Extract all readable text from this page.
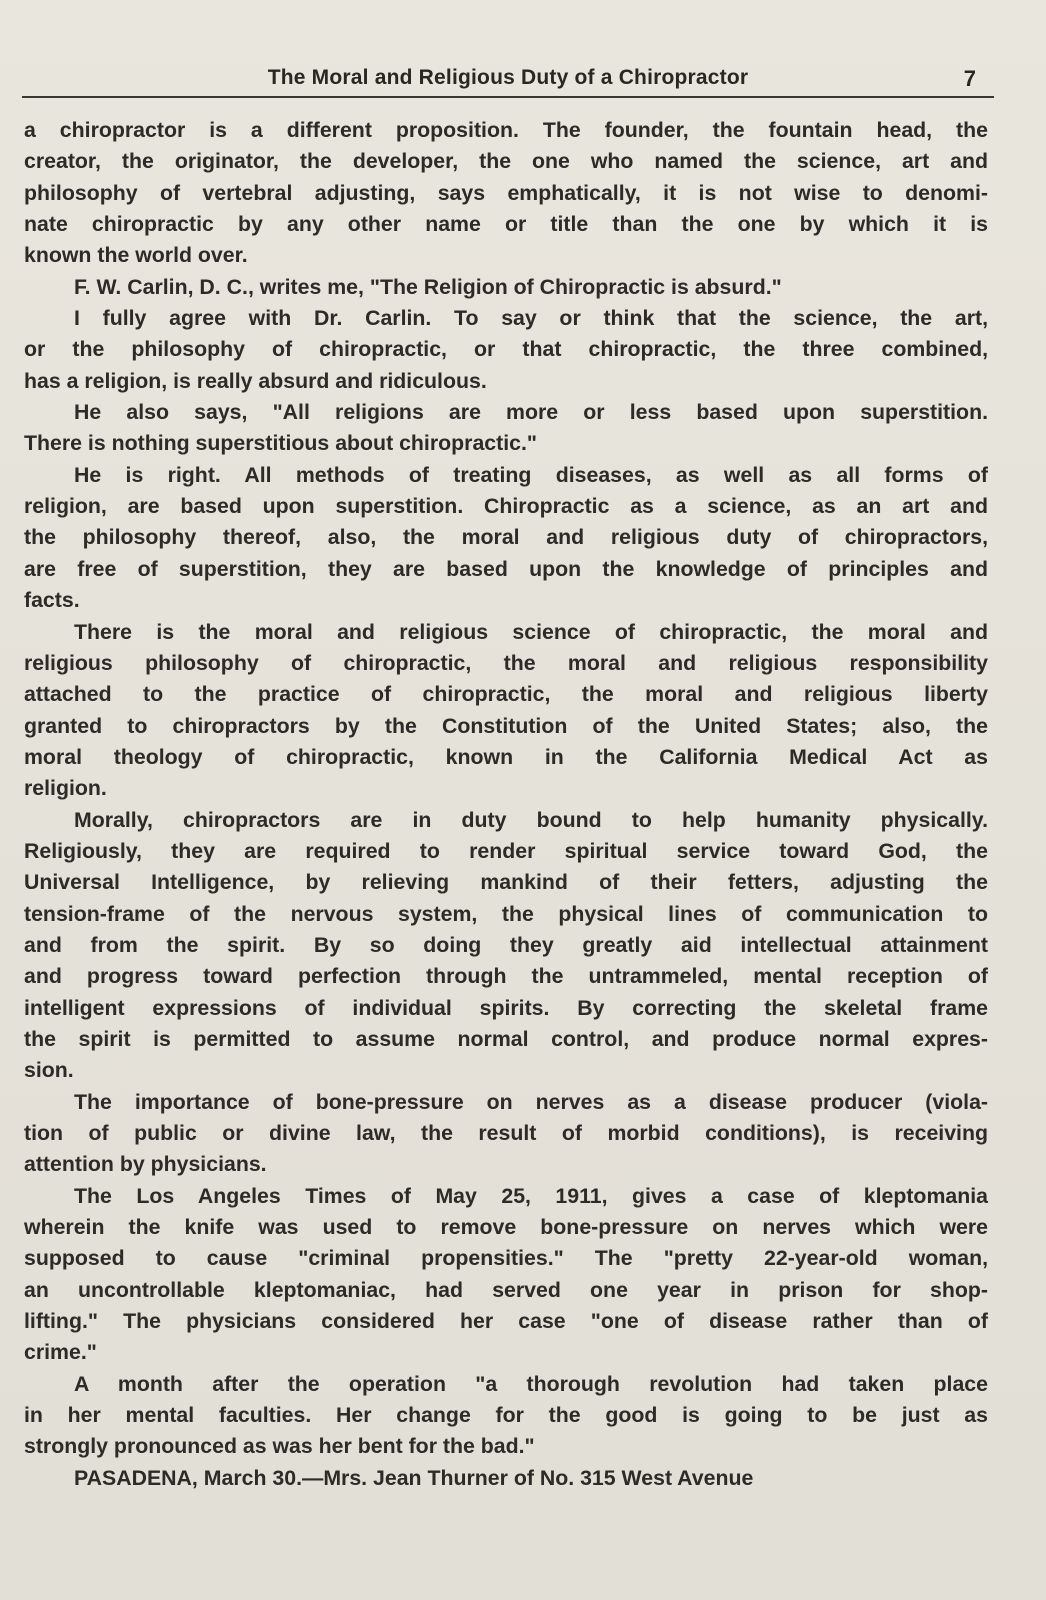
The Moral and Religious Duty of a Chiropractor	7
a chiropractor is a different proposition. The founder, the fountain head, the
creator, the originator, the developer, the one who named the science, art and
philosophy of vertebral adjusting, says emphatically, it is not wise to denomi-
nate chiropractic by any other name or title than the one by which it is
known the world over.
F. W. Carlin, D. C., writes me, "The Religion of Chiropractic is absurd."
I fully agree with Dr. Carlin. To say or think that the science, the art,
or the philosophy of chiropractic, or that chiropractic, the three combined,
has a religion, is really absurd and ridiculous.
He also says, "All religions are more or less based upon superstition.
There is nothing superstitious about chiropractic."
He is right. All methods of treating diseases, as well as all forms of
religion, are based upon superstition. Chiropractic as a science, as an art and
the philosophy thereof, also, the moral and religious duty of chiropractors,
are free of superstition, they are based upon the knowledge of principles and
facts.
There is the moral and religious science of chiropractic, the moral and
religious philosophy of chiropractic, the moral and religious responsibility
attached to the practice of chiropractic, the moral and religious liberty
granted to chiropractors by the Constitution of the United States; also, the
moral theology of chiropractic, known in the California Medical Act as
religion.
Morally, chiropractors are in duty bound to help humanity physically.
Religiously, they are required to render spiritual service toward God, the
Universal Intelligence, by relieving mankind of their fetters, adjusting the
tension-frame of the nervous system, the physical lines of communication to
and from the spirit. By so doing they greatly aid intellectual attainment
and progress toward perfection through the untrammeled, mental reception of
intelligent expressions of individual spirits. By correcting the skeletal frame
the spirit is permitted to assume normal control, and produce normal expres-
sion.
The importance of bone-pressure on nerves as a disease producer (viola-
tion of public or divine law, the result of morbid conditions), is receiving
attention by physicians.
The Los Angeles Times of May 25, 1911, gives a case of kleptomania
wherein the knife was used to remove bone-pressure on nerves which were
supposed to cause "criminal propensities." The "pretty 22-year-old woman,
an uncontrollable kleptomaniac, had served one year in prison for shop-
lifting." The physicians considered her case "one of disease rather than of
crime."
A month after the operation "a thorough revolution had taken place
in her mental faculties. Her change for the good is going to be just as
strongly pronounced as was her bent for the bad."
PASADENA, March 30.—Mrs. Jean Thurner of No. 315 West Avenue
